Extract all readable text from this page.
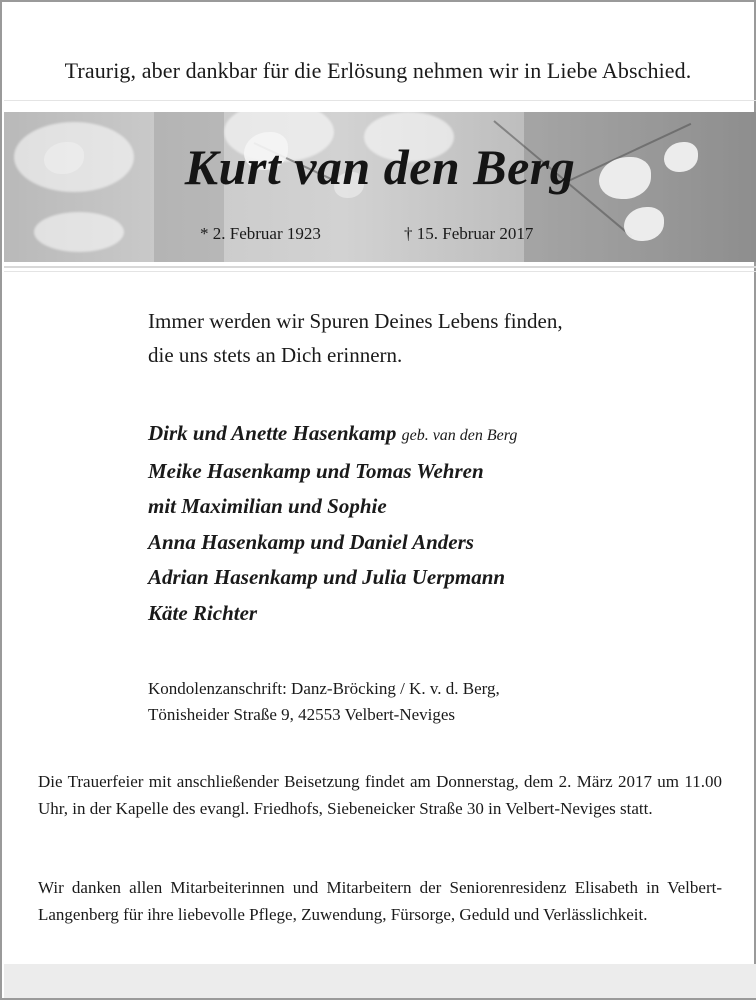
Traurig, aber dankbar für die Erlösung nehmen wir in Liebe Abschied.
Kurt van den Berg
* 2. Februar 1923	† 15. Februar 2017
Immer werden wir Spuren Deines Lebens finden,
die uns stets an Dich erinnern.
Dirk und Anette Hasenkamp geb. van den Berg
Meike Hasenkamp und Tomas Wehren
mit Maximilian und Sophie
Anna Hasenkamp und Daniel Anders
Adrian Hasenkamp und Julia Uerpmann
Käte Richter
Kondolenzanschrift: Danz-Bröcking / K. v. d. Berg,
Tönisheider Straße 9, 42553 Velbert-Neviges
Die Trauerfeier mit anschließender Beisetzung findet am Donnerstag, dem 2. März 2017 um 11.00 Uhr, in der Kapelle des evangl. Friedhofs, Siebeneicker Straße 30 in Velbert-Neviges statt.
Wir danken allen Mitarbeiterinnen und Mitarbeitern der Seniorenresidenz Elisabeth in Velbert-Langenberg für ihre liebevolle Pflege, Zuwendung, Fürsorge, Geduld und Verlässlichkeit.
